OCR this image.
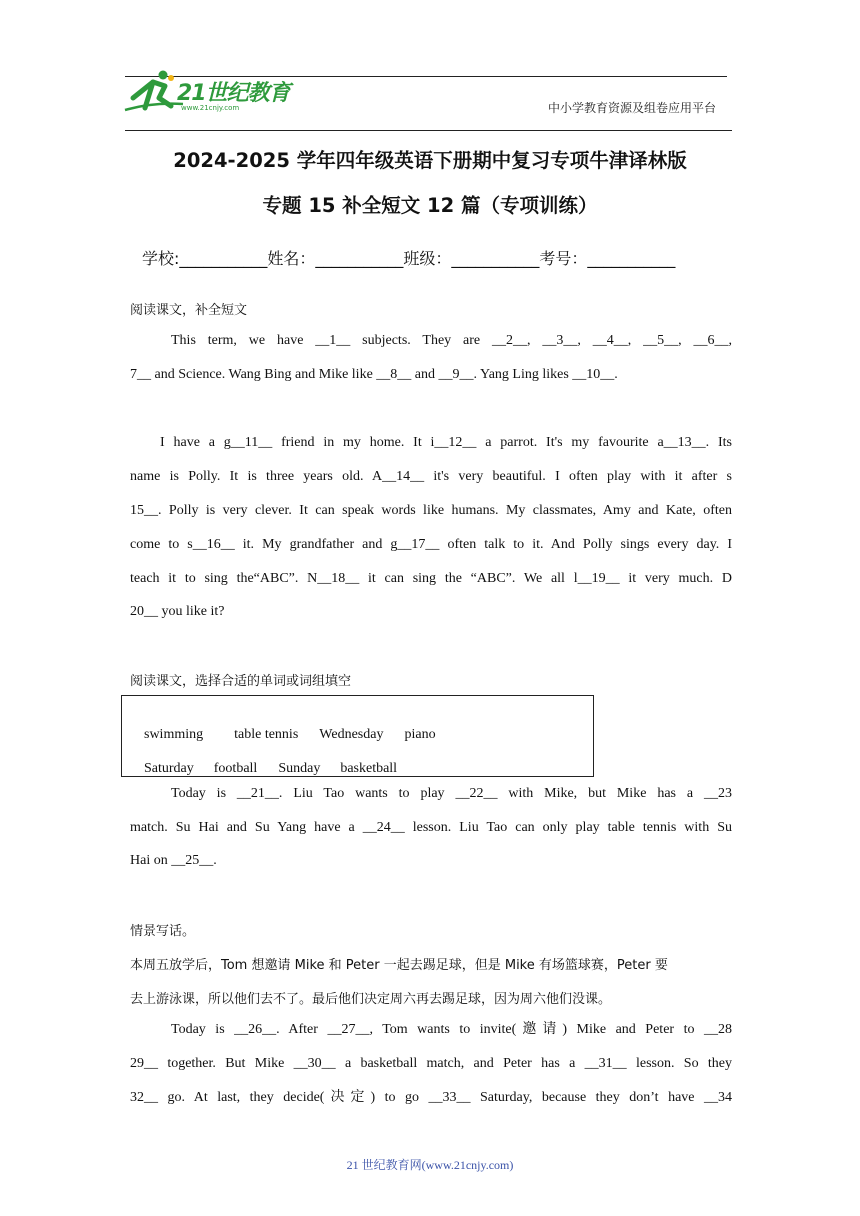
21世纪教育
www.21cnjy.com	中小学教育资源及组卷应用平台
2024-2025 学年四年级英语下册期中复习专项牛津译林版
专题 15 补全短文 12 篇（专项训练）
学校:___________姓名：___________班级：___________考号：___________
阅读课文，补全短文
This term, we have __1__ subjects. They are __2__, __3__, __4__, __5__, __6__,
7__ and Science. Wang Bing and Mike like __8__ and __9__. Yang Ling likes __10__.
I have a g__11__ friend in my home. It i__12__ a parrot. It's my favourite a__13__. Its
name is Polly. It is three years old. A__14__ it's very beautiful. I often play with it after s
15__. Polly is very clever. It can speak words like humans. My classmates, Amy and Kate, often
come to s__16__ it. My grandfather and g__17__ often talk to it. And Polly sings every day. I
teach it to sing the“ABC”. N__18__ it can sing the “ABC”. We all l__19__ it very much. D
20__ you like it?
阅读课文，选择合适的单词或词组填空

swimming table tennis Wednesday piano

Saturday football Sunday basketball

Today is __21__. Liu Tao wants to play __22__ with Mike, but Mike has a __23
match. Su Hai and Su Yang have a __24__ lesson. Liu Tao can only play table tennis with Su
Hai on __25__.
情景写话。
本周五放学后，Tom 想邀请 Mike 和 Peter 一起去踢足球，但是 Mike 有场篮球赛，Peter 要
去上游泳课，所以他们去不了。最后他们决定周六再去踢足球，因为周六他们没课。
Today is __26__. After __27__, Tom wants to invite(邀请) Mike and Peter to __28
29__ together. But Mike __30__ a basketball match, and Peter has a __31__ lesson. So they
32__ go. At last, they decide(决定) to go __33__ Saturday, because they don’t have __34
21 世纪教育网(www.21cnjy.com)
